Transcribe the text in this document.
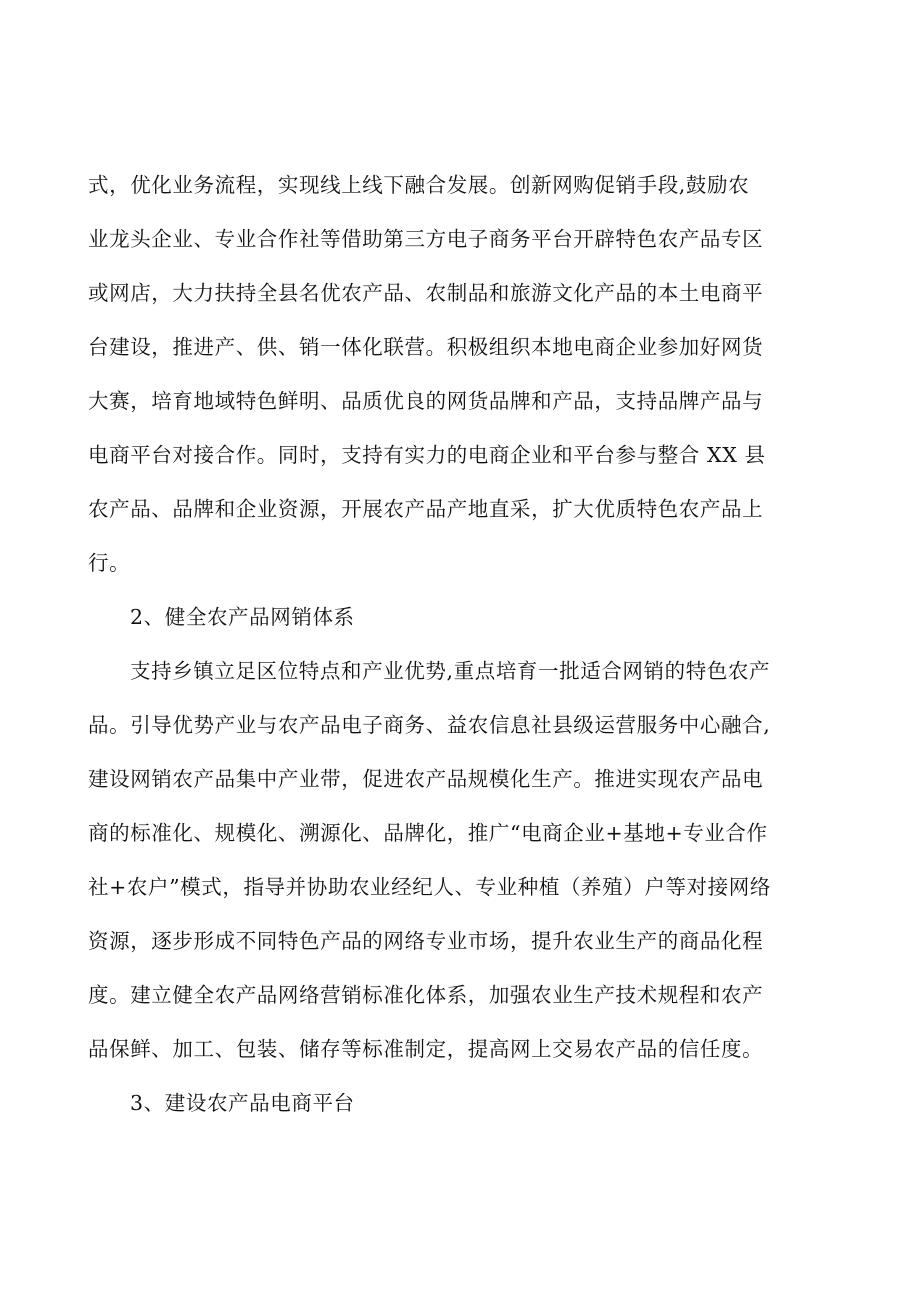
式，优化业务流程，实现线上线下融合发展。创新网购促销手段,鼓励农
业龙头企业、专业合作社等借助第三方电子商务平台开辟特色农产品专区
或网店，大力扶持全县名优农产品、农制品和旅游文化产品的本土电商平
台建设，推进产、供、销一体化联营。积极组织本地电商企业参加好网货
大赛，培育地域特色鲜明、品质优良的网货品牌和产品，支持品牌产品与
电商平台对接合作。同时，支持有实力的电商企业和平台参与整合 XX 县
农产品、品牌和企业资源，开展农产品产地直采，扩大优质特色农产品上
行。
2、健全农产品网销体系
支持乡镇立足区位特点和产业优势,重点培育一批适合网销的特色农产
品。引导优势产业与农产品电子商务、益农信息社县级运营服务中心融合,
建设网销农产品集中产业带，促进农产品规模化生产。推进实现农产品电
商的标准化、规模化、溯源化、品牌化，推广“电商企业+基地+专业合作
社+农户”模式，指导并协助农业经纪人、专业种植（养殖）户等对接网络
资源，逐步形成不同特色产品的网络专业市场，提升农业生产的商品化程
度。建立健全农产品网络营销标准化体系，加强农业生产技术规程和农产
品保鲜、加工、包装、储存等标准制定，提高网上交易农产品的信任度。
3、建设农产品电商平台
